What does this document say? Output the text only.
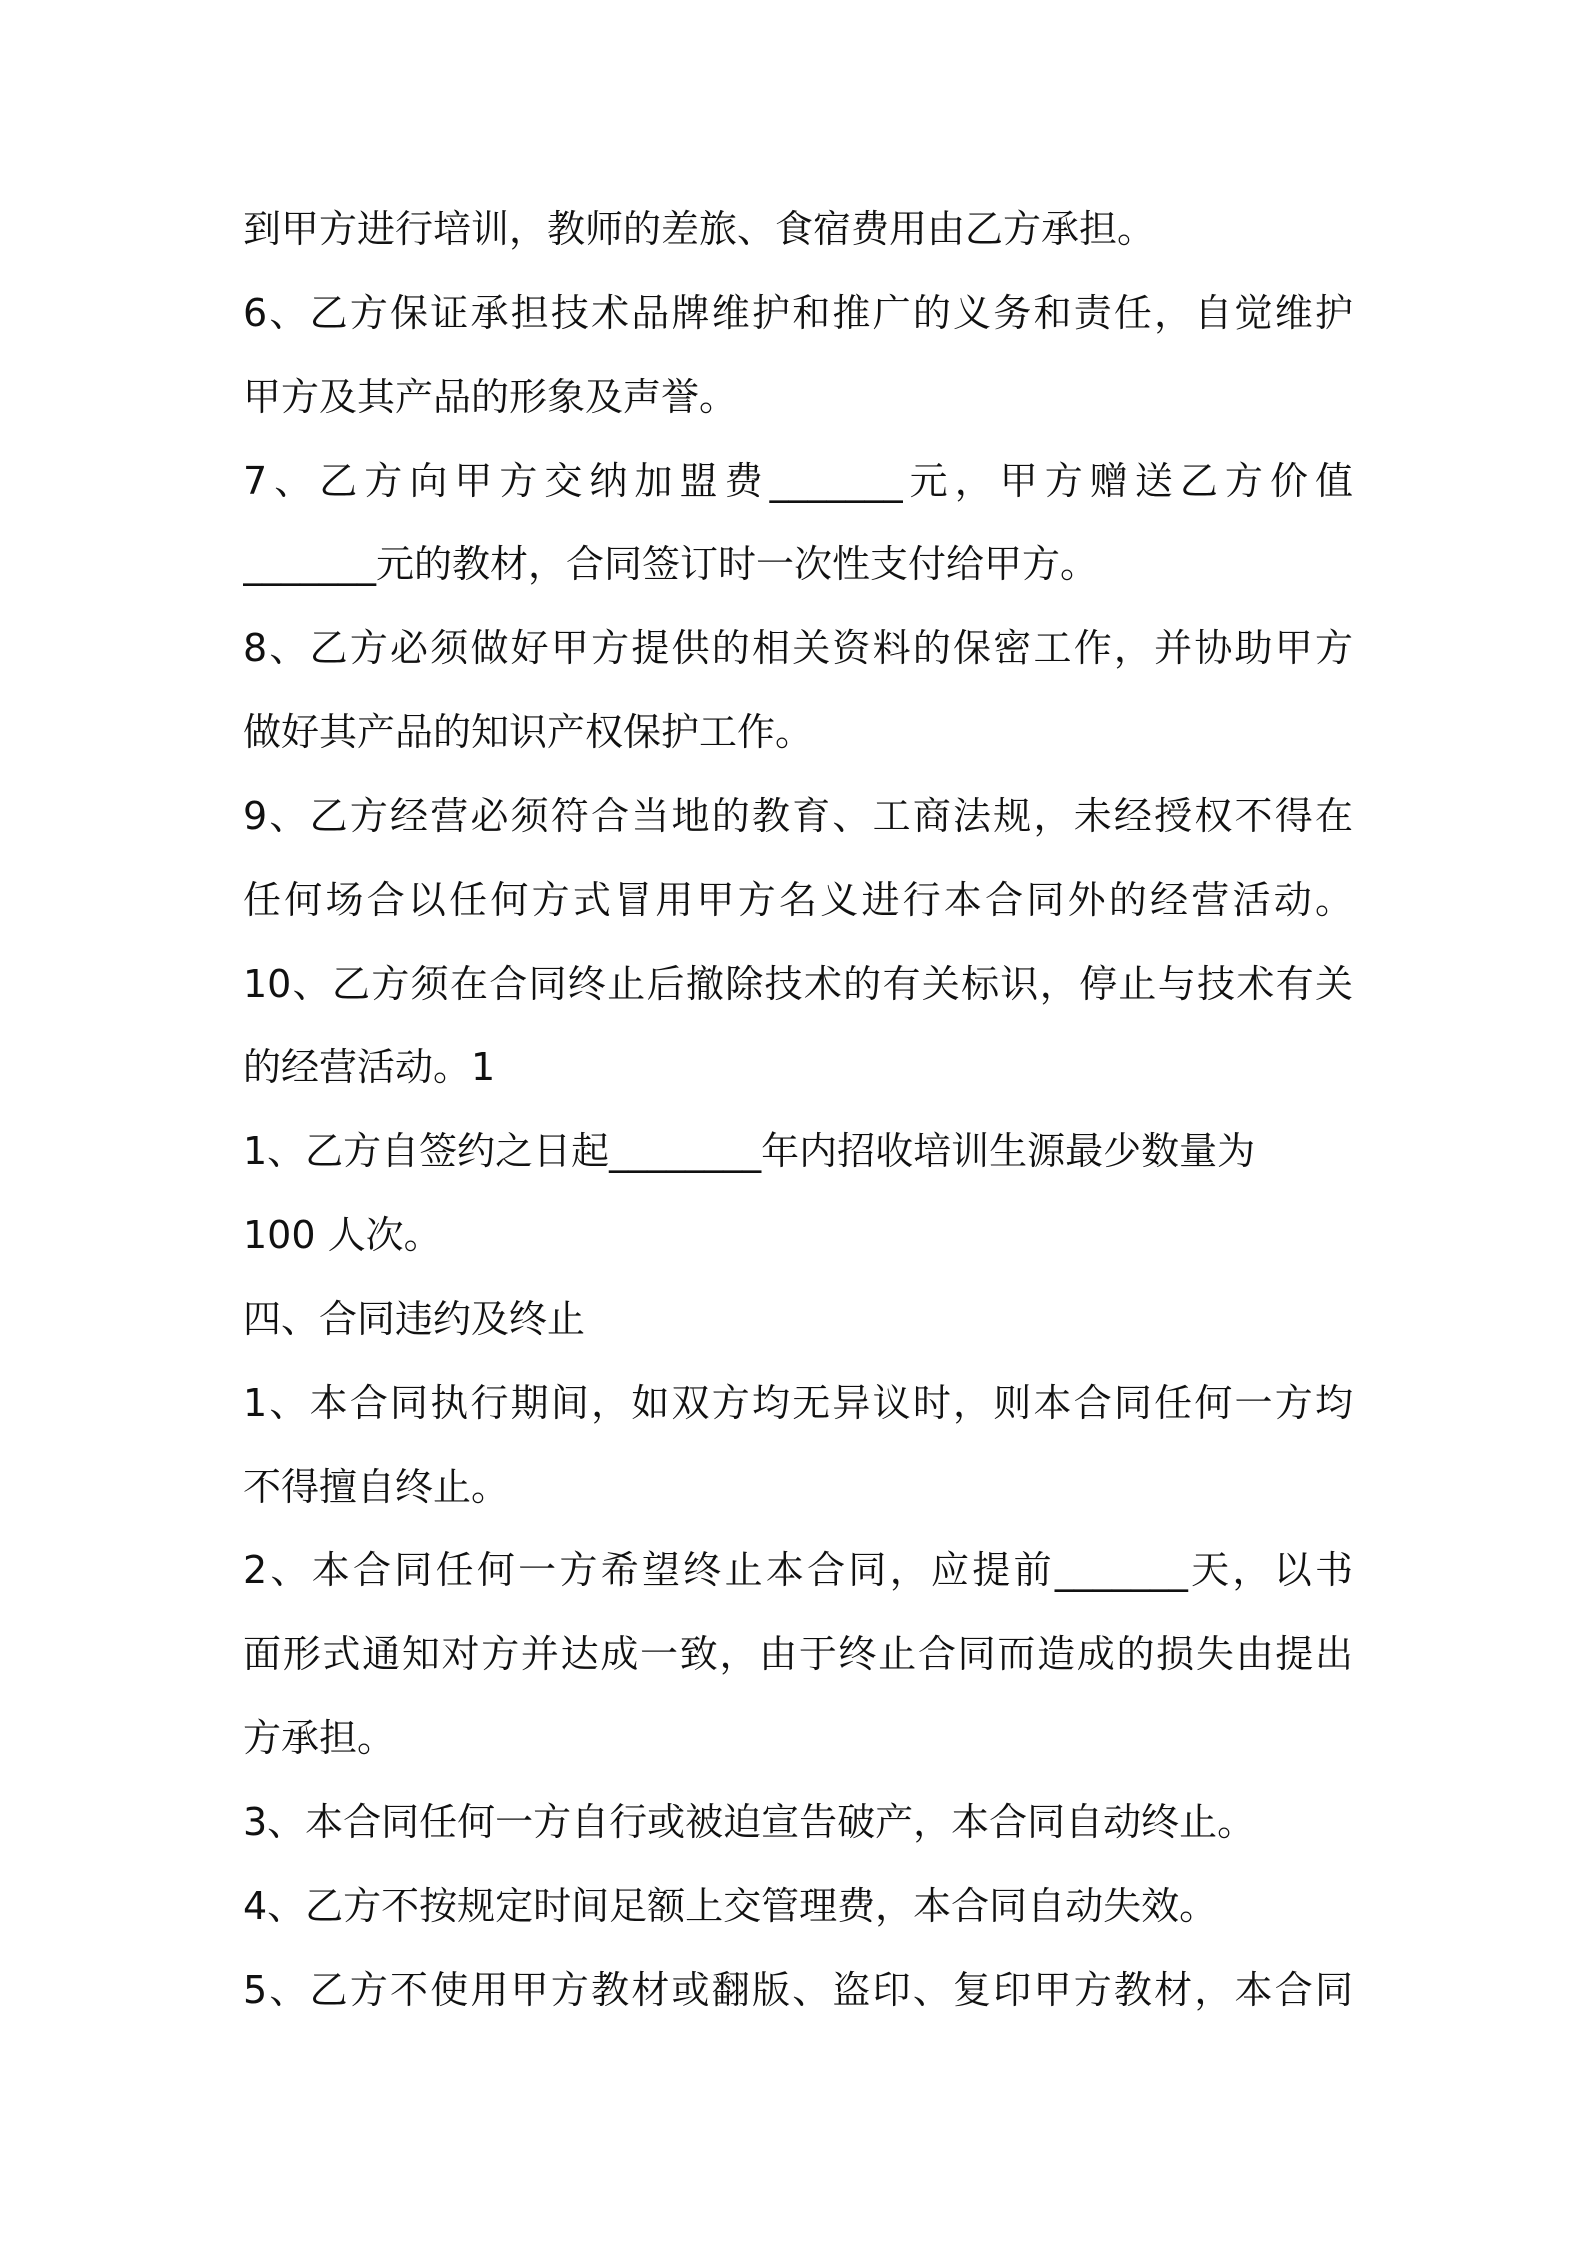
到甲方进行培训，教师的差旅、食宿费用由乙方承担。
6、乙方保证承担技术品牌维护和推广的义务和责任，自觉维护
甲方及其产品的形象及声誉。
7、乙方向甲方交纳加盟费_______元，甲方赠送乙方价值
_______元的教材，合同签订时一次性支付给甲方。
8、乙方必须做好甲方提供的相关资料的保密工作，并协助甲方
做好其产品的知识产权保护工作。
9、乙方经营必须符合当地的教育、工商法规，未经授权不得在
任何场合以任何方式冒用甲方名义进行本合同外的经营活动。
10、乙方须在合同终止后撤除技术的有关标识，停止与技术有关
的经营活动。1
1、乙方自签约之日起________年内招收培训生源最少数量为
100 人次。
四、合同违约及终止
1、本合同执行期间，如双方均无异议时，则本合同任何一方均
不得擅自终止。
2、本合同任何一方希望终止本合同，应提前_______天，以书
面形式通知对方并达成一致，由于终止合同而造成的损失由提出
方承担。
3、本合同任何一方自行或被迫宣告破产，本合同自动终止。
4、乙方不按规定时间足额上交管理费，本合同自动失效。
5、乙方不使用甲方教材或翻版、盗印、复印甲方教材，本合同
